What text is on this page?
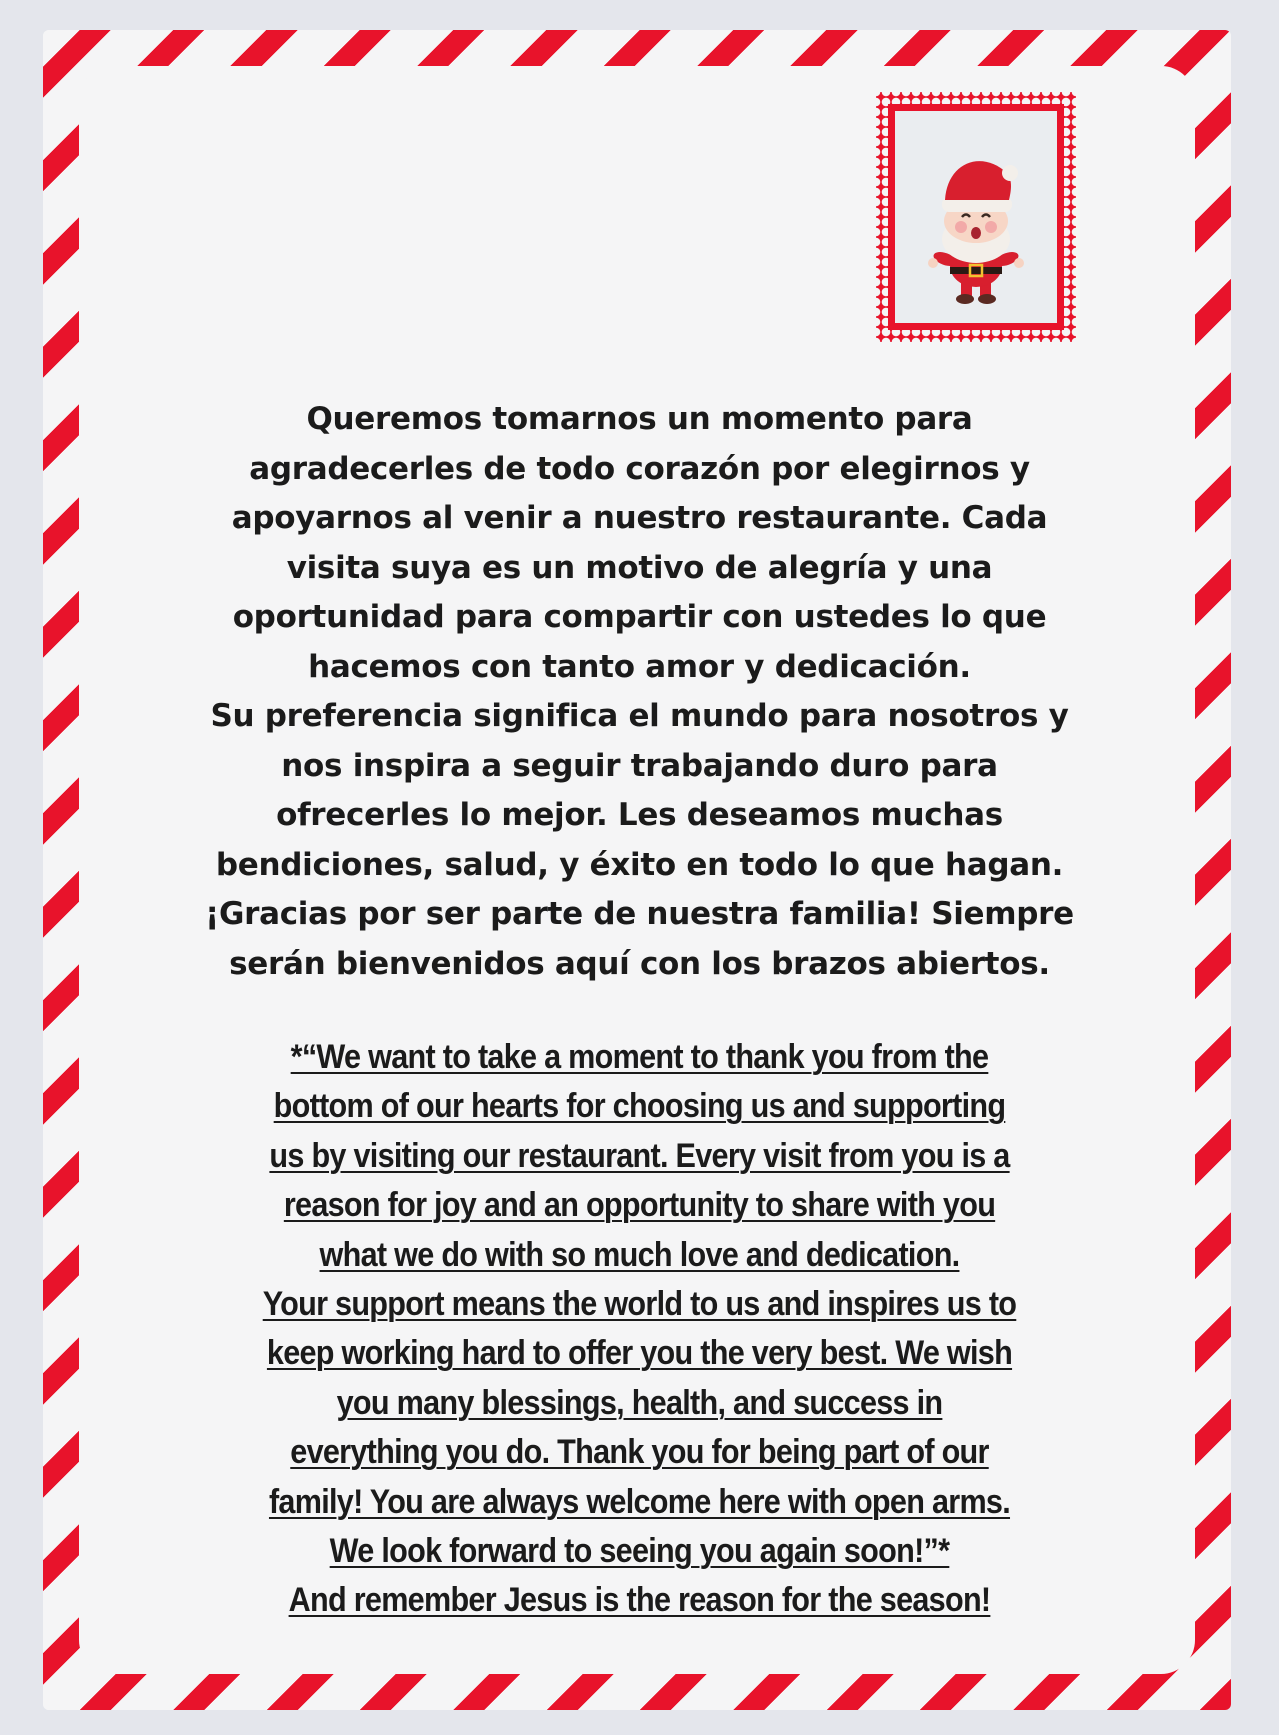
Queremos tomarnos un momento para
agradecerles de todo corazón por elegirnos y
apoyarnos al venir a nuestro restaurante. Cada
visita suya es un motivo de alegría y una
oportunidad para compartir con ustedes lo que
hacemos con tanto amor y dedicación.
Su preferencia significa el mundo para nosotros y
nos inspira a seguir trabajando duro para
ofrecerles lo mejor. Les deseamos muchas
bendiciones, salud, y éxito en todo lo que hagan.
¡Gracias por ser parte de nuestra familia! Siempre
serán bienvenidos aquí con los brazos abiertos.
*“We want to take a moment to thank you from the
bottom of our hearts for choosing us and supporting
us by visiting our restaurant. Every visit from you is a
reason for joy and an opportunity to share with you
what we do with so much love and dedication.
Your support means the world to us and inspires us to
keep working hard to offer you the very best. We wish
you many blessings, health, and success in
everything you do. Thank you for being part of our
family! You are always welcome here with open arms.
We look forward to seeing you again soon!”*
And remember Jesus is the reason for the season!
